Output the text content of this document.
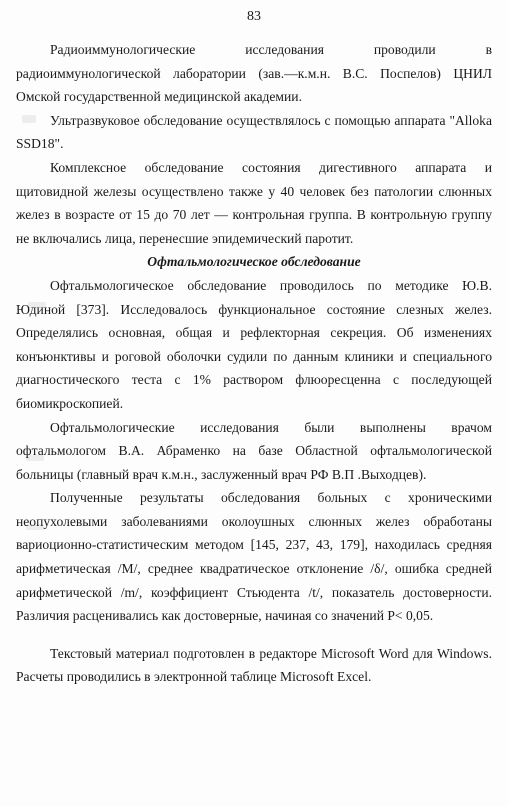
83

Радиоиммунологические исследования проводили в радиоиммунологической лаборатории (зав.—к.м.н. В.С. Поспелов) ЦНИЛ Омской государственной медицинской академии.

Ультразвуковое обследование осуществлялось с помощью аппарата "Alloka SSD18".

Комплексное обследование состояния дигестивного аппарата и щитовидной железы осуществлено также у 40 человек без патологии слюнных желез в возрасте от 15 до 70 лет — контрольная группа. В контрольную группу не включались лица, перенесшие эпидемический паротит.

Офтальмологическое обследование

Офтальмологическое обследование проводилось по методике Ю.В. Юдиной [373]. Исследовалось функциональное состояние слезных желез. Определялись основная, общая и рефлекторная секреция. Об изменениях конъюнктивы и роговой оболочки судили по данным клиники и специального диагностического теста с 1% раствором флюоресценна с последующей биомикроскопией.

Офтальмологические исследования были выполнены врачом офтальмологом В.А. Абраменко на базе Областной офтальмологической больницы (главный врач к.м.н., заслуженный врач РФ В.П .Выходцев).

Полученные результаты обследования больных с хроническими неопухолевыми заболеваниями околоушных слюнных желез обработаны вариоционно-статистическим методом [145, 237, 43, 179], находилась средняя арифметическая /М/, среднее квадратическое отклонение /δ/, ошибка средней арифметической /m/, коэффициент Стьюдента /t/, показатель достоверности. Различия расценивались как достоверные, начиная со значений Р< 0,05.

Текстовый материал подготовлен в редакторе Microsoft Word для Windows. Расчеты проводились в электронной таблице Microsoft Excel.
